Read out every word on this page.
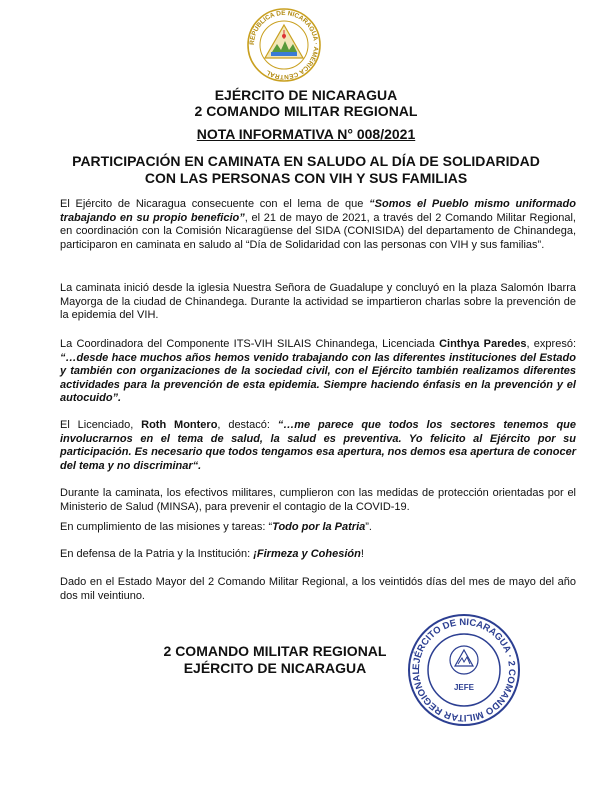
REPÚBLICA DE NICARAGUA · AMÉRICA CENTRAL
EJÉRCITO DE NICARAGUA
2 COMANDO MILITAR REGIONAL
NOTA INFORMATIVA N° 008/2021
PARTICIPACIÓN EN CAMINATA EN SALUDO AL DÍA DE SOLIDARIDAD
CON LAS PERSONAS CON VIH Y SUS FAMILIAS

El Ejército de Nicaragua consecuente con el lema de que “Somos el Pueblo mismo uniformado trabajando en su propio beneficio”, el 21 de mayo de 2021, a través del 2 Comando Militar Regional, en coordinación con la Comisión Nicaragüense del SIDA (CONISIDA) del departamento de Chinandega, participaron en caminata en saludo al “Día de Solidaridad con las personas con VIH y sus familias”.

La caminata inició desde la iglesia Nuestra Señora de Guadalupe y concluyó en la plaza Salomón Ibarra Mayorga de la ciudad de Chinandega. Durante la actividad se impartieron charlas sobre la prevención de la epidemia del VIH.

La Coordinadora del Componente ITS-VIH SILAIS Chinandega, Licenciada Cinthya Paredes, expresó: “…desde hace muchos años hemos venido trabajando con las diferentes instituciones del Estado y también con organizaciones de la sociedad civil, con el Ejército también realizamos diferentes actividades para la prevención de esta epidemia. Siempre haciendo énfasis en la prevención y el autocuido”.

El Licenciado, Roth Montero, destacó: “…me parece que todos los sectores tenemos que involucrarnos en el tema de salud, la salud es preventiva. Yo felicito al Ejército por su participación. Es necesario que todos tengamos esa apertura, nos demos esa apertura de conocer del tema y no discriminar“.

Durante la caminata, los efectivos militares, cumplieron con las medidas de protección orientadas por el Ministerio de Salud (MINSA), para prevenir el contagio de la COVID-19.

En cumplimiento de las misiones y tareas: “Todo por la Patria”.

En defensa de la Patria y la Institución: ¡Firmeza y Cohesión!

Dado en el Estado Mayor del 2 Comando Militar Regional, a los veintidós días del mes de mayo del año dos mil veintiuno.

2 COMANDO MILITAR REGIONAL
EJÉRCITO DE NICARAGUA	EJÉRCITO DE NICARAGUA · 2 COMANDO MILITAR REGIONAL
JEFE
